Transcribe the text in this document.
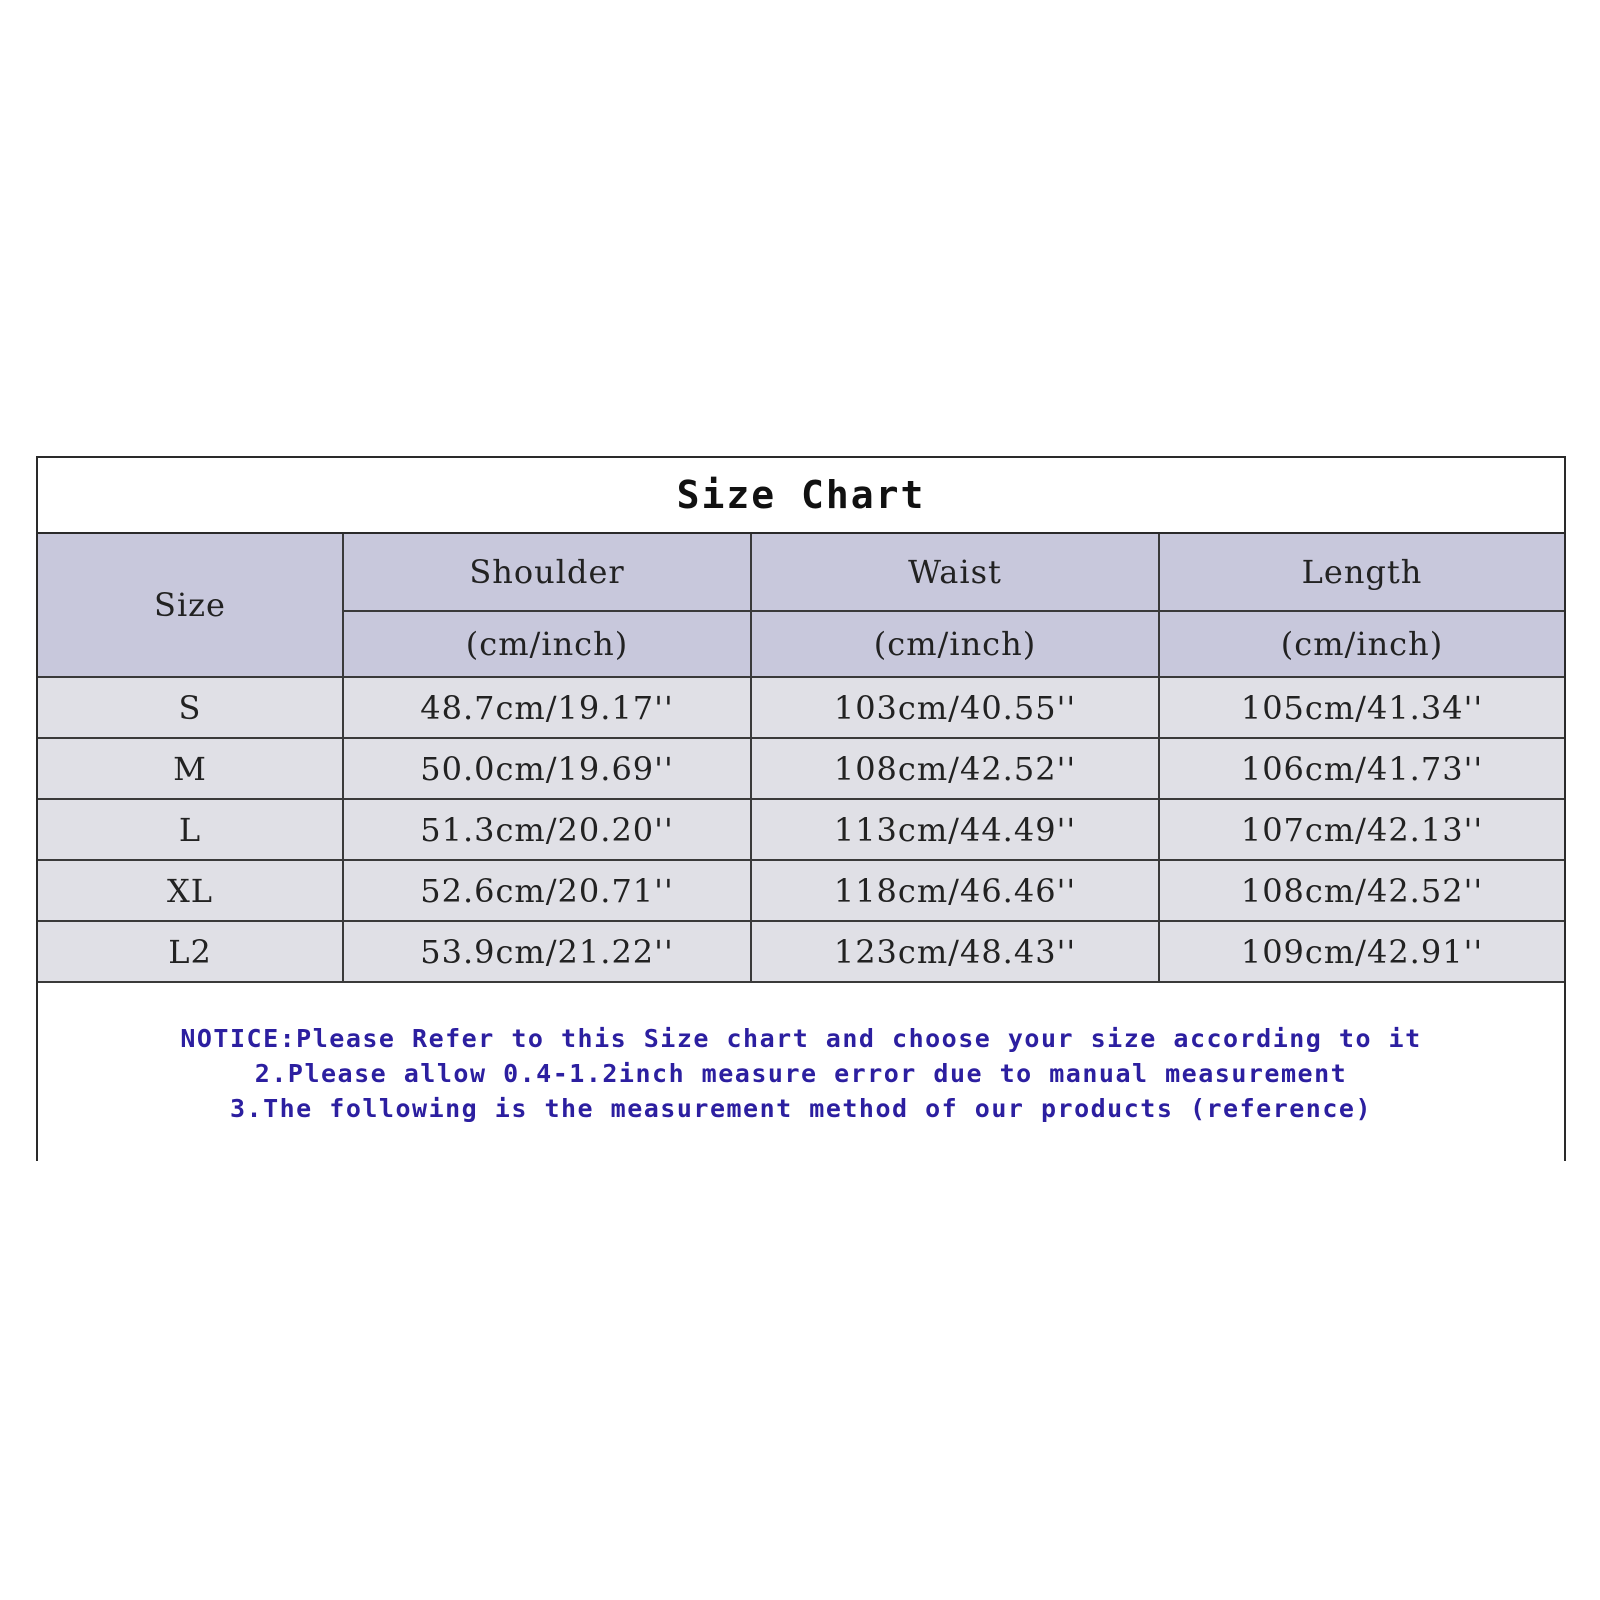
Size Chart
Size	Shoulder	Waist	Length
	(cm/inch)	(cm/inch)	(cm/inch)
S	48.7cm/19.17''	103cm/40.55''	105cm/41.34''
M	50.0cm/19.69''	108cm/42.52''	106cm/41.73''
L	51.3cm/20.20''	113cm/44.49''	107cm/42.13''
XL	52.6cm/20.71''	118cm/46.46''	108cm/42.52''
L2	53.9cm/21.22''	123cm/48.43''	109cm/42.91''

NOTICE:Please Refer to this Size chart and choose your size according to it
2.Please allow 0.4-1.2inch measure error due to manual measurement
3.The following is the measurement method of our products (reference)			
